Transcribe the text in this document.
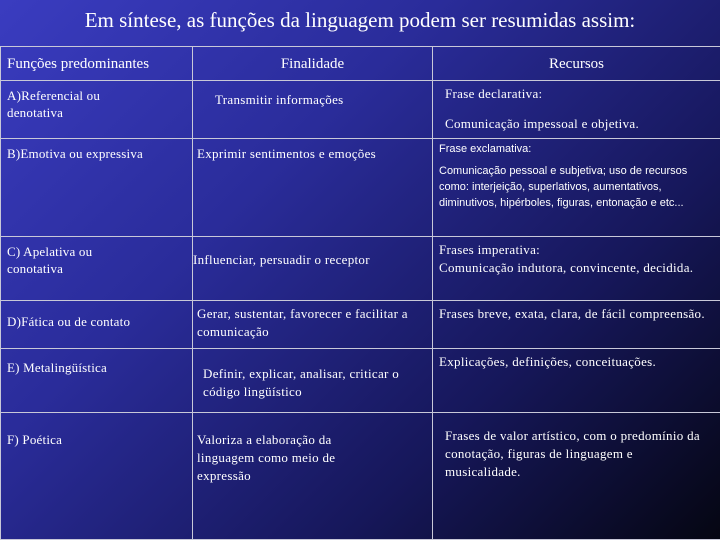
Em síntese, as funções da linguagem podem ser resumidas assim:
Funções predominantes	Finalidade	Recursos

A)Referencial ou denotativa	Transmitir informações	Frase declarativa:
Comunicação impessoal e objetiva.

B)Emotiva ou expressiva	Exprimir sentimentos e emoções	Frase exclamativa:
Comunicação pessoal e subjetiva; uso de recursos como: interjeição, superlativos, aumentativos, diminutivos, hipérboles, figuras, entonação e etc...

C) Apelativa ou conotativa	Influenciar, persuadir o receptor	Frases imperativa:
Comunicação indutora, convincente, decidida.

D)Fática ou de contato	Gerar, sustentar, favorecer e facilitar a comunicação	Frases breve, exata, clara, de fácil compreensão.

E) Metalingüística	Definir, explicar, analisar, criticar o código lingüístico	Explicações, definições, conceituações.

F) Poética	Valoriza a elaboração da linguagem como meio de expressão	Frases de valor artístico, com o predomínio da conotação, figuras de linguagem e musicalidade.
